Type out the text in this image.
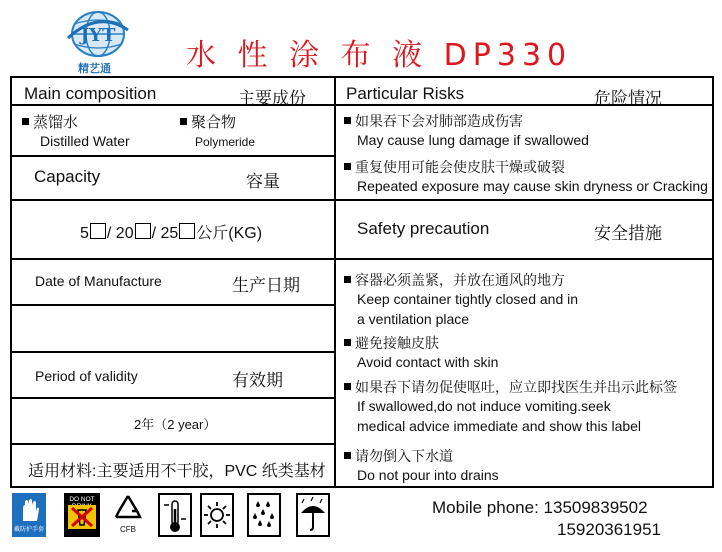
JYT
精艺通	水 性 涂 布 液 DP330
Main composition	主要成份
蒸馏水
Distilled Water
聚合物
Polymeride
Capacity	容量
5 / 20 / 25 公斤(KG)
Date of Manufacture	生产日期
Period of validity	有效期
2年（2 year）
适用材料:主要适用不干胶，PVC 纸类基材
Particular Risks	危险情况
如果吞下会对肺部造成伤害
May cause lung damage if swallowed
重复使用可能会使皮肤干燥或破裂
Repeated exposure may cause skin dryness or Cracking
Safety precaution	安全措施
容器必须盖紧，并放在通风的地方
Keep container tightly closed and in
a ventilation place
避免接触皮肤
Avoid contact with skin
如果吞下请勿促使呕吐，应立即找医生并出示此标签
If swallowed,do not induce vomiting.seek
medical advice immediate and show this label
请勿倒入下水道
Do not pour into drains
戴防护手套
DO NOT
CFB
Mobile phone: 13509839502
15920361951
